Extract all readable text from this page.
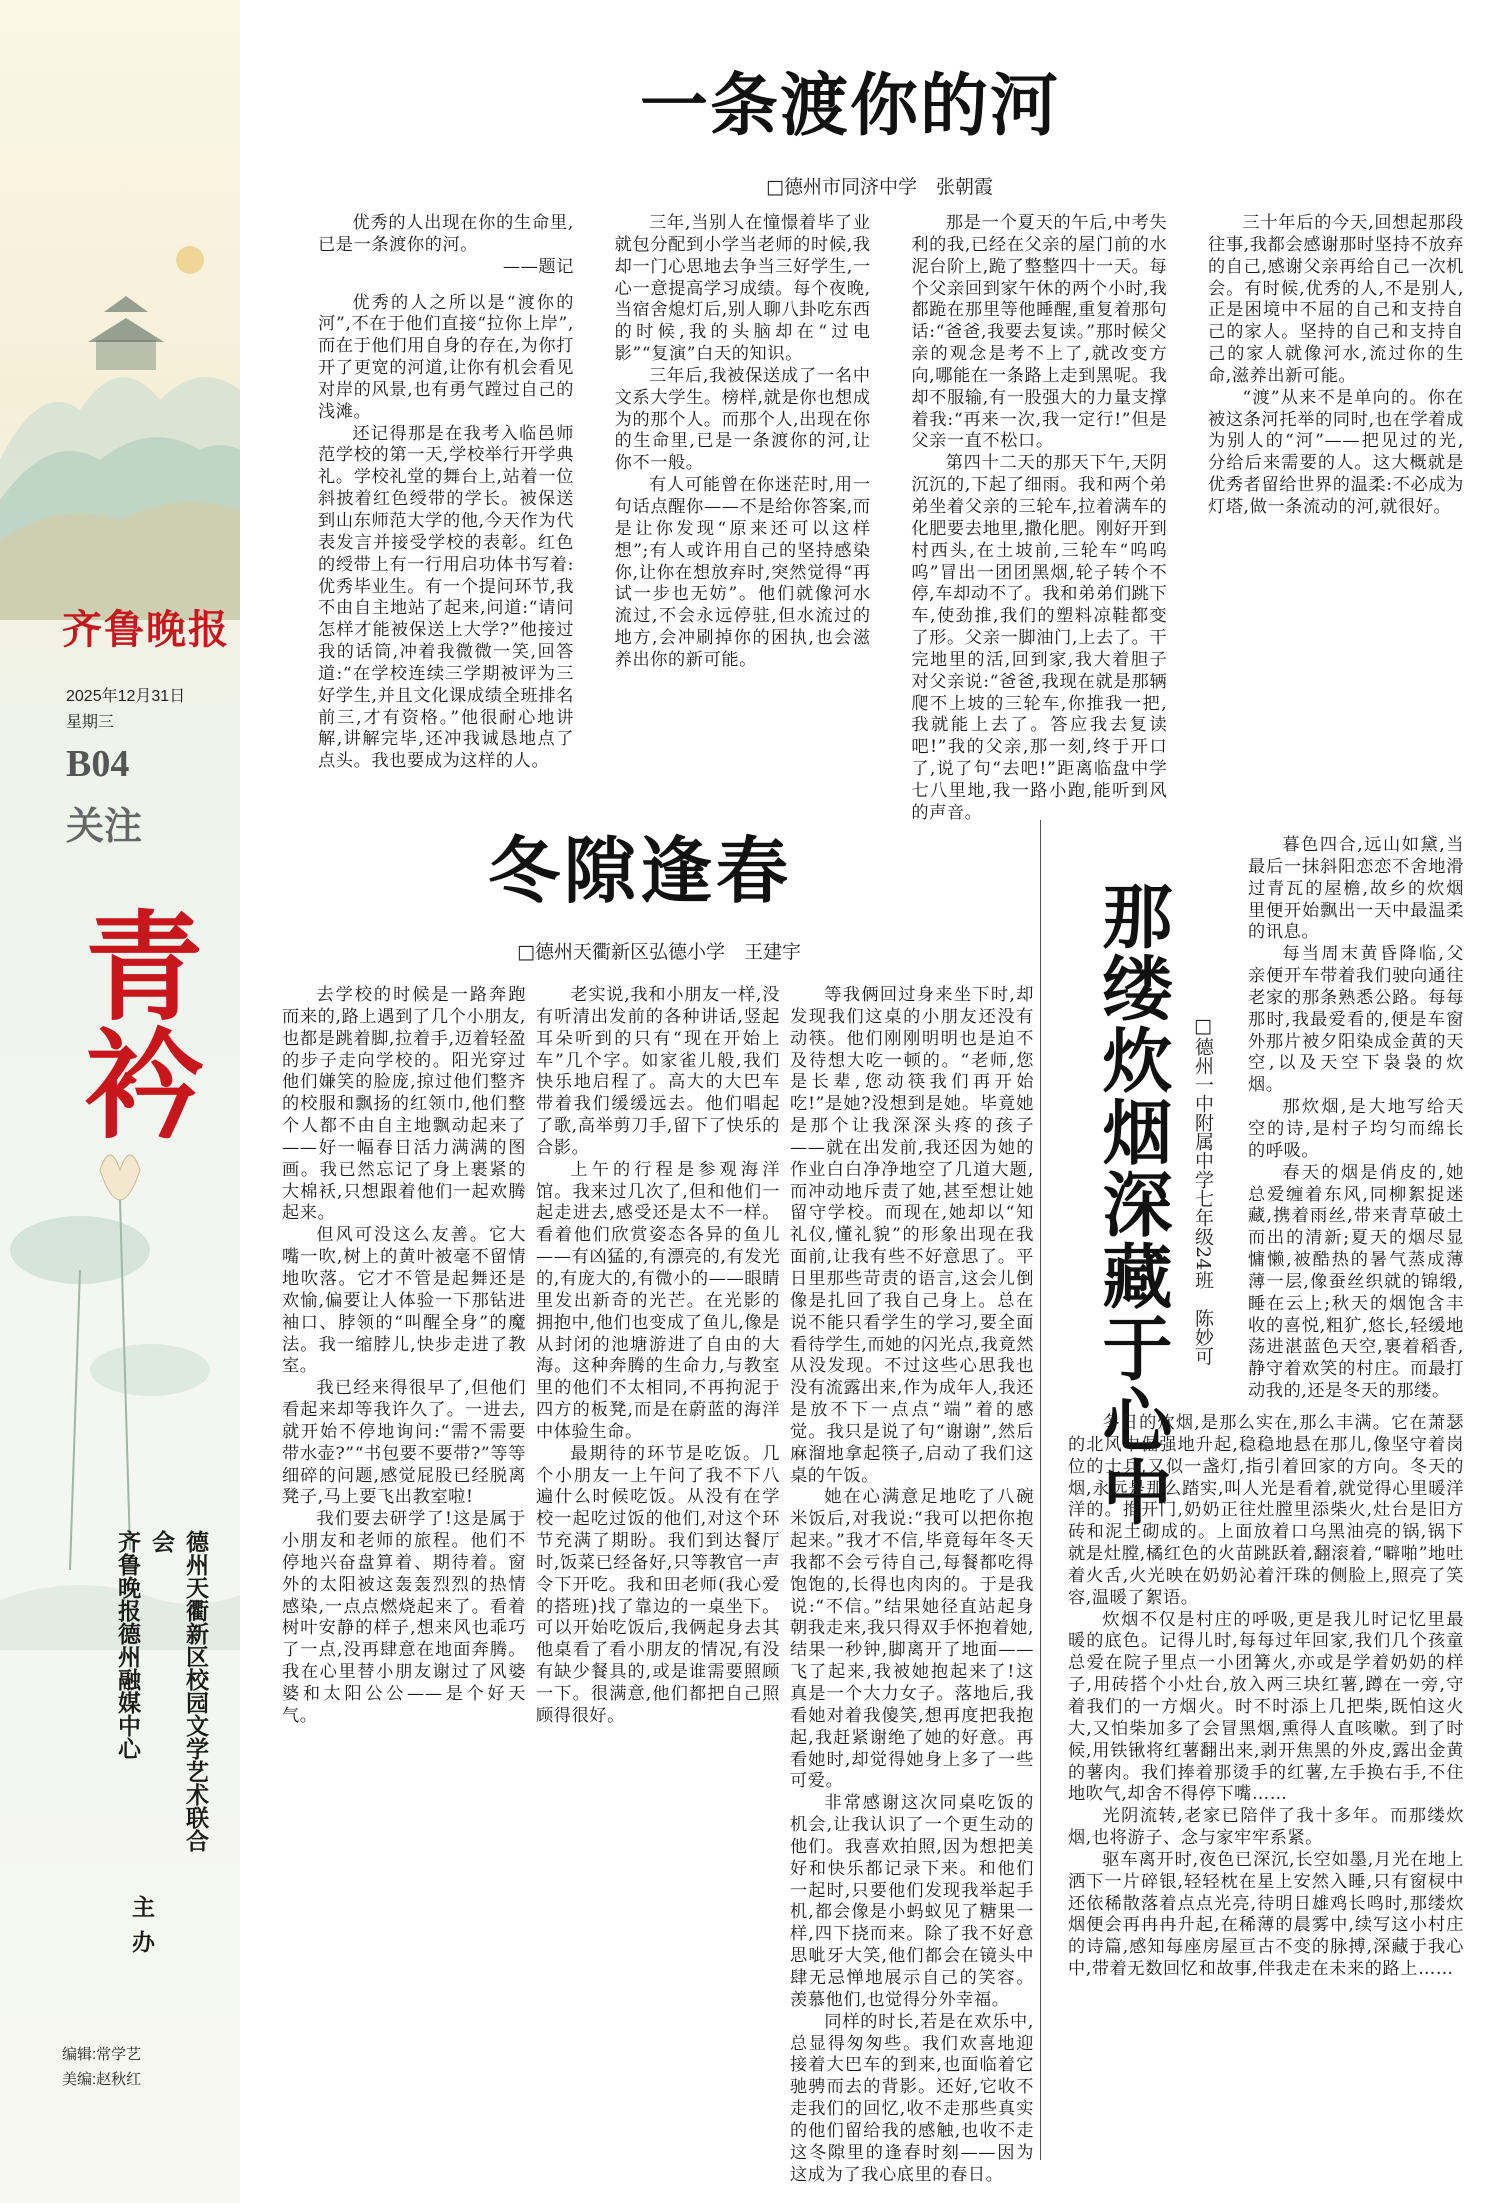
齐鲁晚报
2025年12月31日
星期三
B04
关注
青衿
德州天衢新区校园文学艺术联合会
齐鲁晚报德州融媒中心
主办
编辑:常学艺
美编:赵秋红
一条渡你的河
□德州市同济中学　张朝霞

优秀的人出现在你的生命里,已是一条渡你的河。

——题记

优秀的人之所以是“渡你的河”,不在于他们直接“拉你上岸”,而在于他们用自身的存在,为你打开了更宽的河道,让你有机会看见对岸的风景,也有勇气蹚过自己的浅滩。

还记得那是在我考入临邑师范学校的第一天,学校举行开学典礼。学校礼堂的舞台上,站着一位斜披着红色绶带的学长。被保送到山东师范大学的他,今天作为代表发言并接受学校的表彰。红色的绶带上有一行用启功体书写着:优秀毕业生。有一个提问环节,我不由自主地站了起来,问道:“请问怎样才能被保送上大学?”他接过我的话筒,冲着我微微一笑,回答道:“在学校连续三学期被评为三好学生,并且文化课成绩全班排名前三,才有资格。”他很耐心地讲解,讲解完毕,还冲我诚恳地点了点头。我也要成为这样的人。

三年,当别人在憧憬着毕了业就包分配到小学当老师的时候,我却一门心思地去争当三好学生,一心一意提高学习成绩。每个夜晚,当宿舍熄灯后,别人聊八卦吃东西的时候,我的头脑却在“过电影”“复演”白天的知识。

三年后,我被保送成了一名中文系大学生。榜样,就是你也想成为的那个人。而那个人,出现在你的生命里,已是一条渡你的河,让你不一般。

有人可能曾在你迷茫时,用一句话点醒你——不是给你答案,而是让你发现“原来还可以这样想”;有人或许用自己的坚持感染你,让你在想放弃时,突然觉得“再试一步也无妨”。他们就像河水流过,不会永远停驻,但水流过的地方,会冲刷掉你的困执,也会滋养出你的新可能。

那是一个夏天的午后,中考失利的我,已经在父亲的屋门前的水泥台阶上,跪了整整四十一天。每个父亲回到家午休的两个小时,我都跪在那里等他睡醒,重复着那句话:“爸爸,我要去复读。”那时候父亲的观念是考不上了,就改变方向,哪能在一条路上走到黑呢。我却不服输,有一股强大的力量支撑着我:“再来一次,我一定行!”但是父亲一直不松口。

第四十二天的那天下午,天阴沉沉的,下起了细雨。我和两个弟弟坐着父亲的三轮车,拉着满车的化肥要去地里,撒化肥。刚好开到村西头,在土坡前,三轮车“呜呜呜”冒出一团团黑烟,轮子转个不停,车却动不了。我和弟弟们跳下车,使劲推,我们的塑料凉鞋都变了形。父亲一脚油门,上去了。干完地里的活,回到家,我大着胆子对父亲说:“爸爸,我现在就是那辆爬不上坡的三轮车,你推我一把,我就能上去了。答应我去复读吧!”我的父亲,那一刻,终于开口了,说了句“去吧!”距离临盘中学七八里地,我一路小跑,能听到风的声音。

三十年后的今天,回想起那段往事,我都会感谢那时坚持不放弃的自己,感谢父亲再给自己一次机会。有时候,优秀的人,不是别人,正是困境中不屈的自己和支持自己的家人。坚持的自己和支持自己的家人就像河水,流过你的生命,滋养出新可能。

“渡”从来不是单向的。你在被这条河托举的同时,也在学着成为别人的“河”——把见过的光,分给后来需要的人。这大概就是优秀者留给世界的温柔:不必成为灯塔,做一条流动的河,就很好。

冬隙逢春
□德州天衢新区弘德小学　王建宇

去学校的时候是一路奔跑而来的,路上遇到了几个小朋友,也都是跳着脚,拉着手,迈着轻盈的步子走向学校的。阳光穿过他们嫌笑的脸庞,掠过他们整齐的校服和飘扬的红领巾,他们整个人都不由自主地飘动起来了——好一幅春日活力满满的图画。我已然忘记了身上裹紧的大棉袄,只想跟着他们一起欢腾起来。

但风可没这么友善。它大嘴一吹,树上的黄叶被毫不留情地吹落。它才不管是起舞还是欢愉,偏要让人体验一下那钻进袖口、脖领的“叫醒全身”的魔法。我一缩脖儿,快步走进了教室。

我已经来得很早了,但他们看起来却等我许久了。一进去,就开始不停地询问:“需不需要带水壶?”“书包要不要带?”等等细碎的问题,感觉屁股已经脱离凳子,马上要飞出教室啦!

我们要去研学了!这是属于小朋友和老师的旅程。他们不停地兴奋盘算着、期待着。窗外的太阳被这轰轰烈烈的热情感染,一点点燃烧起来了。看着树叶安静的样子,想来风也乖巧了一点,没再肆意在地面奔腾。我在心里替小朋友谢过了风婆婆和太阳公公——是个好天气。

老实说,我和小朋友一样,没有听清出发前的各种讲话,竖起耳朵听到的只有“现在开始上车”几个字。如家雀儿般,我们快乐地启程了。高大的大巴车带着我们缓缓远去。他们唱起了歌,高举剪刀手,留下了快乐的合影。

上午的行程是参观海洋馆。我来过几次了,但和他们一起走进去,感受还是太不一样。看着他们欣赏姿态各异的鱼儿——有凶猛的,有漂亮的,有发光的,有庞大的,有微小的——眼睛里发出新奇的光芒。在光影的拥抱中,他们也变成了鱼儿,像是从封闭的池塘游进了自由的大海。这种奔腾的生命力,与教室里的他们不太相同,不再拘泥于四方的板凳,而是在蔚蓝的海洋中体验生命。

最期待的环节是吃饭。几个小朋友一上午问了我不下八遍什么时候吃饭。从没有在学校一起吃过饭的他们,对这个环节充满了期盼。我们到达餐厅时,饭菜已经备好,只等教官一声令下开吃。我和田老师(我心爱的搭班)找了靠边的一桌坐下。可以开始吃饭后,我俩起身去其他桌看了看小朋友的情况,有没有缺少餐具的,或是谁需要照顾一下。很满意,他们都把自己照顾得很好。

等我俩回过身来坐下时,却发现我们这桌的小朋友还没有动筷。他们刚刚明明也是迫不及待想大吃一顿的。“老师,您是长辈,您动筷我们再开始吃!”是她?没想到是她。毕竟她是那个让我深深头疼的孩子——就在出发前,我还因为她的作业白白净净地空了几道大题,而冲动地斥责了她,甚至想让她留守学校。而现在,她却以“知礼仪,懂礼貌”的形象出现在我面前,让我有些不好意思了。平日里那些苛责的语言,这会儿倒像是扎回了我自己身上。总在说不能只看学生的学习,要全面看待学生,而她的闪光点,我竟然从没发现。不过这些心思我也没有流露出来,作为成年人,我还是放不下一点点“端”着的感觉。我只是说了句“谢谢”,然后麻溜地拿起筷子,启动了我们这桌的午饭。

她在心满意足地吃了八碗米饭后,对我说:“我可以把你抱起来。”我才不信,毕竟每年冬天我都不会亏待自己,每餐都吃得饱饱的,长得也肉肉的。于是我说:“不信。”结果她径直站起身朝我走来,我只得双手怀抱着她,结果一秒钟,脚离开了地面——飞了起来,我被她抱起来了!这真是一个大力女子。落地后,我看她对着我傻笑,想再度把我抱起,我赶紧谢绝了她的好意。再看她时,却觉得她身上多了一些可爱。

非常感谢这次同桌吃饭的机会,让我认识了一个更生动的他们。我喜欢拍照,因为想把美好和快乐都记录下来。和他们一起时,只要他们发现我举起手机,都会像是小蚂蚁见了糖果一样,四下挠而来。除了我不好意思呲牙大笑,他们都会在镜头中肆无忌惮地展示自己的笑容。羡慕他们,也觉得分外幸福。

同样的时长,若是在欢乐中,总显得匆匆些。我们欢喜地迎接着大巴车的到来,也面临着它驰骋而去的背影。还好,它收不走我们的回忆,收不走那些真实的他们留给我的感触,也收不走这冬隙里的逢春时刻——因为这成为了我心底里的春日。

那缕炊烟深藏于心中 □德州一中附属中学七年级24班　陈妙可

暮色四合,远山如黛,当最后一抹斜阳恋恋不舍地滑过青瓦的屋檐,故乡的炊烟里便开始飘出一天中最温柔的讯息。

每当周末黄昏降临,父亲便开车带着我们驶向通往老家的那条熟悉公路。每每那时,我最爱看的,便是车窗外那片被夕阳染成金黄的天空,以及天空下袅袅的炊烟。

那炊烟,是大地写给天空的诗,是村子均匀而绵长的呼吸。

春天的烟是俏皮的,她总爱缠着东风,同柳絮捉迷藏,携着雨丝,带来青草破土而出的清新;夏天的烟尽显慵懒,被酷热的暑气蒸成薄薄一层,像蚕丝织就的锦缎,睡在云上;秋天的烟饱含丰收的喜悦,粗犷,悠长,轻缓地荡进湛蓝色天空,裹着稻香,静守着欢笑的村庄。而最打动我的,还是冬天的那缕。

冬日的炊烟,是那么实在,那么丰满。它在萧瑟的北风中倔强地升起,稳稳地悬在那儿,像坚守着岗位的士兵,又似一盏灯,指引着回家的方向。冬天的烟,永远是那么踏实,叫人光是看着,就觉得心里暖洋洋的。推开门,奶奶正往灶膛里添柴火,灶台是旧方砖和泥土砌成的。上面放着口乌黑油亮的锅,锅下就是灶膛,橘红色的火苗跳跃着,翻滚着,“噼啪”地吐着火舌,火光映在奶奶沁着汗珠的侧脸上,照亮了笑容,温暖了絮语。

炊烟不仅是村庄的呼吸,更是我儿时记忆里最暖的底色。记得儿时,每每过年回家,我们几个孩童总爱在院子里点一小团篝火,亦或是学着奶奶的样子,用砖搭个小灶台,放入两三块红薯,蹲在一旁,守着我们的一方烟火。时不时添上几把柴,既怕这火大,又怕柴加多了会冒黑烟,熏得人直咳嗽。到了时候,用铁锹将红薯翻出来,剥开焦黑的外皮,露出金黄的薯肉。我们捧着那烫手的红薯,左手换右手,不住地吹气,却舍不得停下嘴……

光阴流转,老家已陪伴了我十多年。而那缕炊烟,也将游子、念与家牢牢系紧。

驱车离开时,夜色已深沉,长空如墨,月光在地上洒下一片碎银,轻轻枕在星上安然入睡,只有窗棂中还依稀散落着点点光亮,待明日雄鸡长鸣时,那缕炊烟便会再冉冉升起,在稀薄的晨雾中,续写这小村庄的诗篇,感知每座房屋亘古不变的脉搏,深藏于我心中,带着无数回忆和故事,伴我走在未来的路上……
